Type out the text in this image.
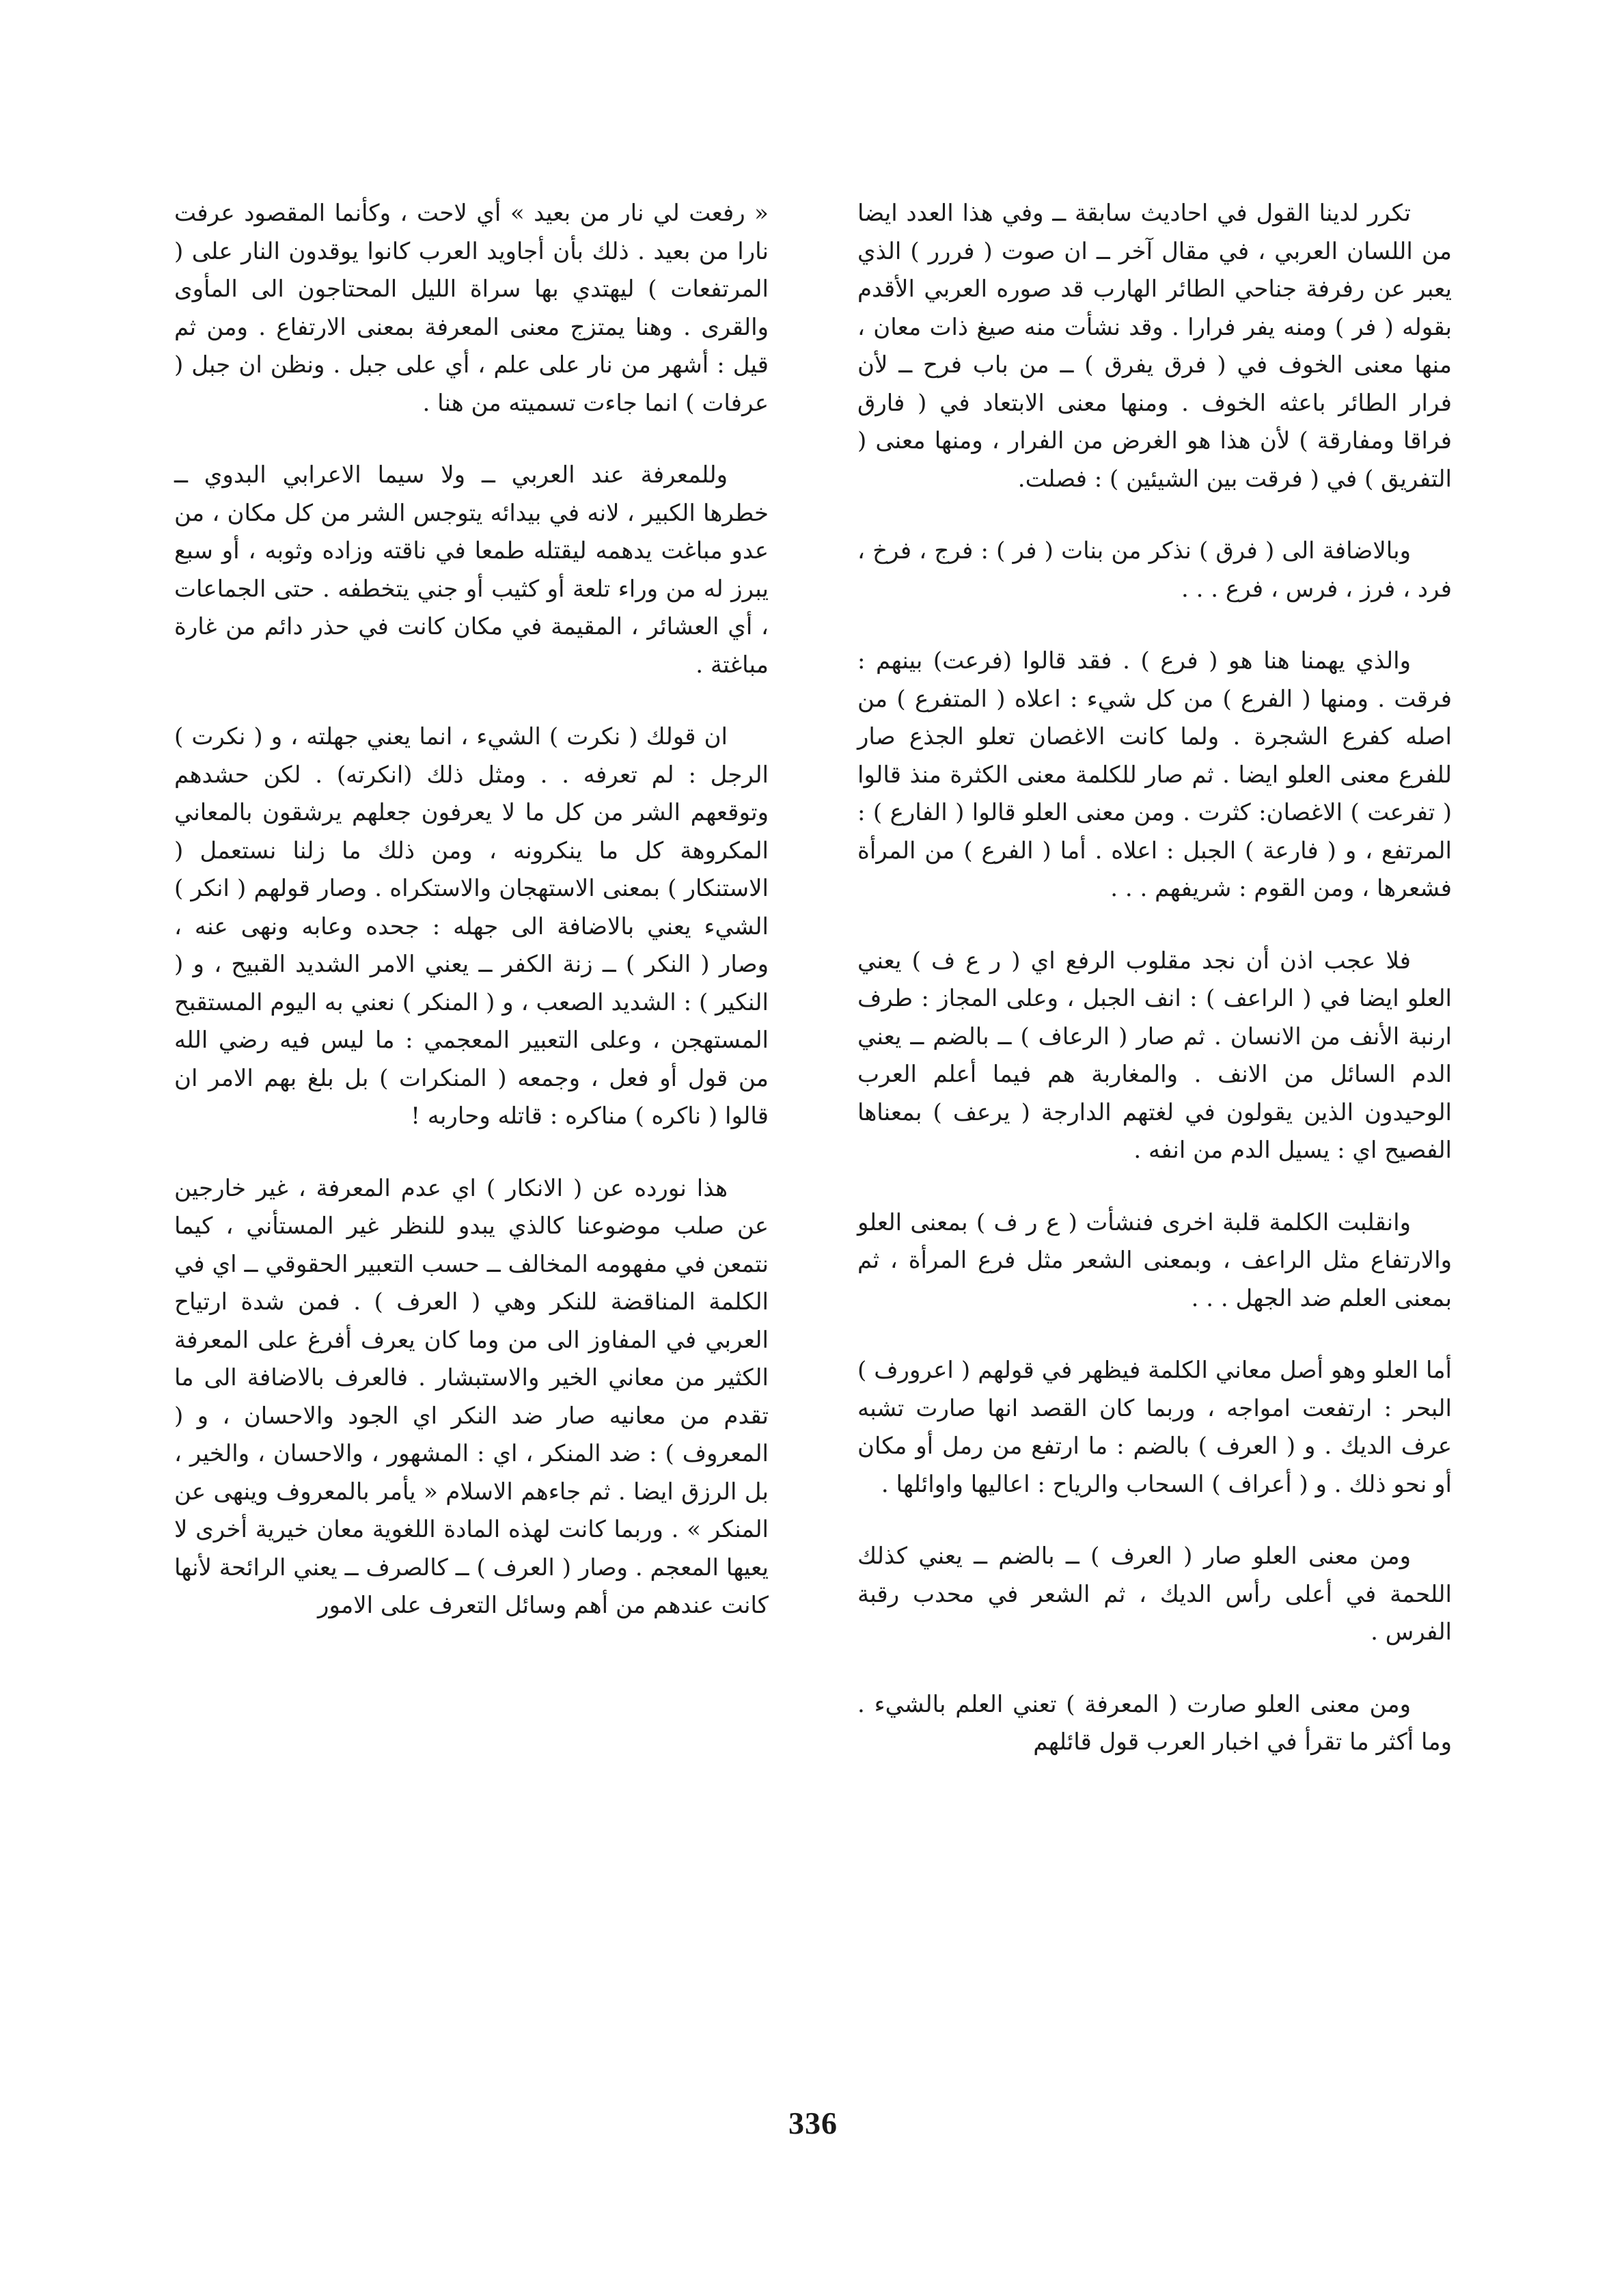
تكرر لدينا القول في احاديث سابقة ــ وفي هذا العدد ايضا من اللسان العربي ، في مقال آخر ــ ان صوت ( فررر ) الذي يعبر عن رفرفة جناحي الطائر الهارب قد صوره العربي الأقدم بقوله ( فر ) ومنه يفر فرارا . وقد نشأت منه صيغ ذات معان ، منها معنى الخوف في ( فرق يفرق ) ــ من باب فرح ــ لأن فرار الطائر باعثه الخوف . ومنها معنى الابتعاد في ( فارق فراقا ومفارقة ) لأن هذا هو الغرض من الفرار ، ومنها معنى ( التفريق ) في ( فرقت بين الشيئين ) : فصلت.

وبالاضافة الى ( فرق ) نذكر من بنات ( فر ) : فرج ، فرخ ، فرد ، فرز ، فرس ، فرع . . .

والذي يهمنا هنا هو ( فرع ) . فقد قالوا (فرعت) بينهم : فرقت . ومنها ( الفرع ) من كل شيء : اعلاه ( المتفرع ) من اصله كفرع الشجرة . ولما كانت الاغصان تعلو الجذع صار للفرع معنى العلو ايضا . ثم صار للكلمة معنى الكثرة منذ قالوا ( تفرعت ) الاغصان: كثرت . ومن معنى العلو قالوا ( الفارع ) : المرتفع ، و ( فارعة ) الجبل : اعلاه . أما ( الفرع ) من المرأة فشعرها ، ومن القوم : شريفهم . . .

فلا عجب اذن أن نجد مقلوب الرفع اي ( ر ع ف ) يعني العلو ايضا في ( الراعف ) : انف الجبل ، وعلى المجاز : طرف ارنبة الأنف من الانسان . ثم صار ( الرعاف ) ــ بالضم ــ يعني الدم السائل من الانف . والمغاربة هم فيما أعلم العرب الوحيدون الذين يقولون في لغتهم الدارجة ( يرعف ) بمعناها الفصيح اي : يسيل الدم من انفه .

وانقلبت الكلمة قلبة اخرى فنشأت ( ع ر ف ) بمعنى العلو والارتفاع مثل الراعف ، وبمعنى الشعر مثل فرع المرأة ، ثم بمعنى العلم ضد الجهل . . .

أما العلو وهو أصل معاني الكلمة فيظهر في قولهم ( اعرورف ) البحر : ارتفعت امواجه ، وربما كان القصد انها صارت تشبه عرف الديك . و ( العرف ) بالضم : ما ارتفع من رمل أو مكان أو نحو ذلك . و ( أعراف ) السحاب والرياح : اعاليها واوائلها .

ومن معنى العلو صار ( العرف ) ــ بالضم ــ يعني كذلك اللحمة في أعلى رأس الديك ، ثم الشعر في محدب رقبة الفرس .

ومن معنى العلو صارت ( المعرفة ) تعني العلم بالشيء . وما أكثر ما تقرأ في اخبار العرب قول قائلهم

« رفعت لي نار من بعيد » أي لاحت ، وكأنما المقصود عرفت نارا من بعيد . ذلك بأن أجاويد العرب كانوا يوقدون النار على ( المرتفعات ) ليهتدي بها سراة الليل المحتاجون الى المأوى والقرى . وهنا يمتزج معنى المعرفة بمعنى الارتفاع . ومن ثم قيل : أشهر من نار على علم ، أي على جبل . ونظن ان جبل ( عرفات ) انما جاءت تسميته من هنا .

وللمعرفة عند العربي ــ ولا سيما الاعرابي البدوي ــ خطرها الكبير ، لانه في بيدائه يتوجس الشر من كل مكان ، من عدو مباغت يدهمه ليقتله طمعا في ناقته وزاده وثوبه ، أو سبع يبرز له من وراء تلعة أو كثيب أو جني يتخطفه . حتى الجماعات ، أي العشائر ، المقيمة في مكان كانت في حذر دائم من غارة مباغتة .

ان قولك ( نكرت ) الشيء ، انما يعني جهلته ، و ( نكرت ) الرجل : لم تعرفه . . ومثل ذلك (انكرته) . لكن حشدهم وتوقعهم الشر من كل ما لا يعرفون جعلهم يرشقون بالمعاني المكروهة كل ما ينكرونه ، ومن ذلك ما زلنا نستعمل ( الاستنكار ) بمعنى الاستهجان والاستكراه . وصار قولهم ( انكر ) الشيء يعني بالاضافة الى جهله : جحده وعابه ونهى عنه ، وصار ( النكر ) ــ زنة الكفر ــ يعني الامر الشديد القبيح ، و ( النكير ) : الشديد الصعب ، و ( المنكر ) نعني به اليوم المستقبح المستهجن ، وعلى التعبير المعجمي : ما ليس فيه رضي الله من قول أو فعل ، وجمعه ( المنكرات ) بل بلغ بهم الامر ان قالوا ( ناكره ) مناكره : قاتله وحاربه !

هذا نورده عن ( الانكار ) اي عدم المعرفة ، غير خارجين عن صلب موضوعنا كالذي يبدو للنظر غير المستأني ، كيما نتمعن في مفهومه المخالف ــ حسب التعبير الحقوقي ــ اي في الكلمة المناقضة للنكر وهي ( العرف ) . فمن شدة ارتياح العربي في المفاوز الى من وما كان يعرف أفرغ على المعرفة الكثير من معاني الخير والاستبشار . فالعرف بالاضافة الى ما تقدم من معانيه صار ضد النكر اي الجود والاحسان ، و ( المعروف ) : ضد المنكر ، اي : المشهور ، والاحسان ، والخير ، بل الرزق ايضا . ثم جاءهم الاسلام « يأمر بالمعروف وينهى عن المنكر » . وربما كانت لهذه المادة اللغوية معان خيرية أخرى لا يعيها المعجم . وصار ( العرف ) ــ كالصرف ــ يعني الرائحة لأنها كانت عندهم من أهم وسائل التعرف على الامور

336
